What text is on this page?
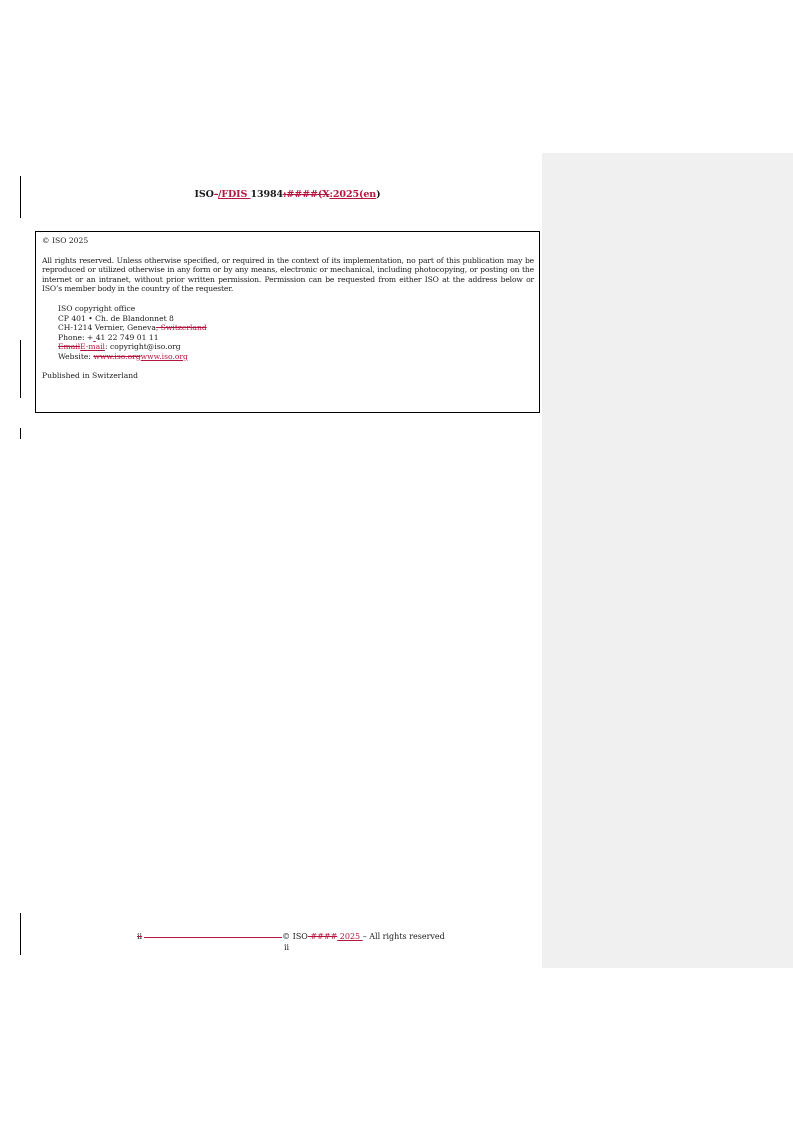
ISO-/FDIS 13984:####(X:2025(en)

© ISO 2025

All rights reserved. Unless otherwise specified, or required in the context of its implementation, no part of this publication may be reproduced or utilized otherwise in any form or by any means, electronic or mechanical, including photocopying, or posting on the internet or an intranet, without prior written permission. Permission can be requested from either ISO at the address below or ISO’s member body in the country of the requester.

ISO copyright office

CP 401 • Ch. de Blandonnet 8

CH-1214 Vernier, Geneva, Switzerland

Phone: + 41 22 749 01 11

EmailE-mail: copyright@iso.org

Website: www.iso.orgwww.iso.org

Published in Switzerland

ii	© ISO #### 2025 – All rights reserved
ii
